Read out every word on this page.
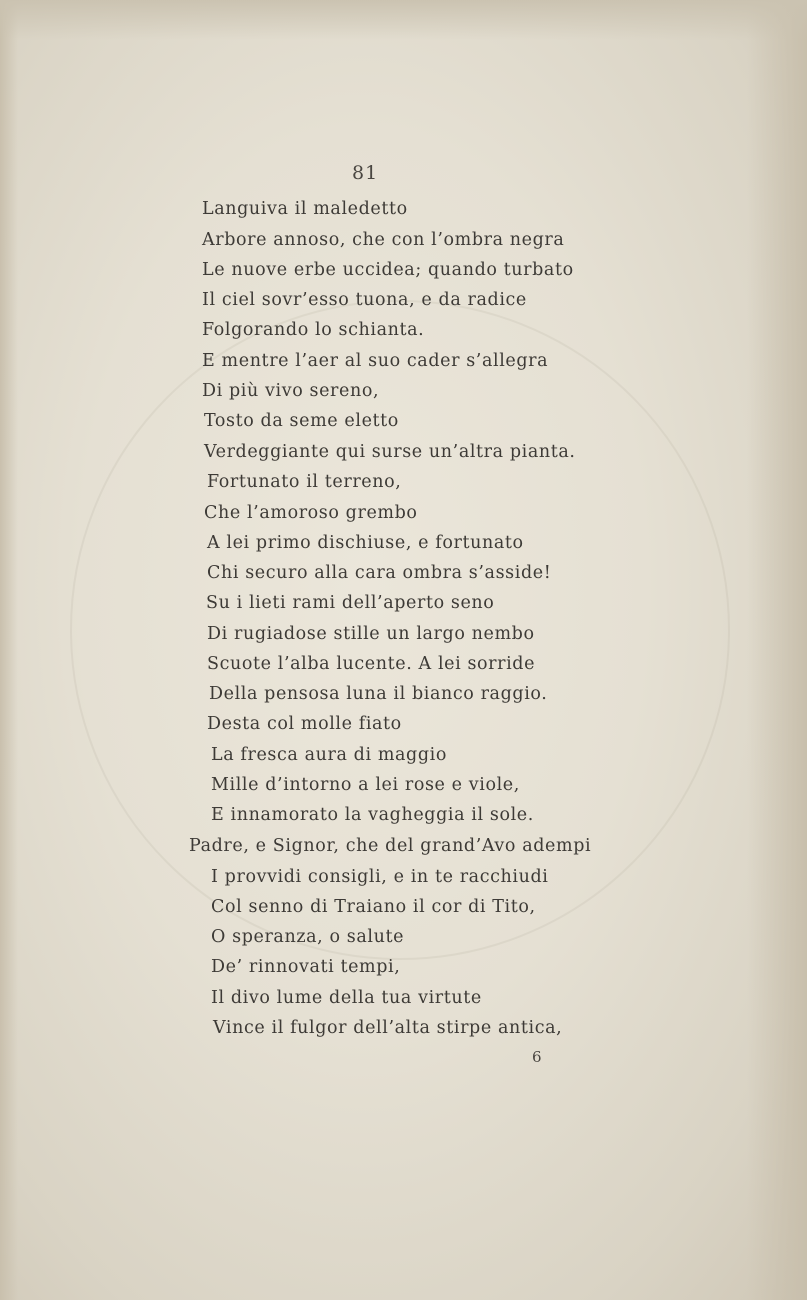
81
Languiva il maledetto
Arbore annoso, che con l’ombra negra
Le nuove erbe uccidea; quando turbato
Il ciel sovr’esso tuona, e da radice
Folgorando lo schianta.
E mentre l’aer al suo cader s’allegra
Di più vivo sereno,
Tosto da seme eletto
Verdeggiante qui surse un’altra pianta.
Fortunato il terreno,
Che l’amoroso grembo
A lei primo dischiuse, e fortunato
Chi securo alla cara ombra s’asside!
Su i lieti rami dell’aperto seno
Di rugiadose stille un largo nembo
Scuote l’alba lucente. A lei sorride
Della pensosa luna il bianco raggio.
Desta col molle fiato
La fresca aura di maggio
Mille d’intorno a lei rose e viole,
E innamorato la vagheggia il sole.
Padre, e Signor, che del grand’Avo adempi
I provvidi consigli, e in te racchiudi
Col senno di Traiano il cor di Tito,
O speranza, o salute
De’ rinnovati tempi,
Il divo lume della tua virtute
Vince il fulgor dell’alta stirpe antica,
6
